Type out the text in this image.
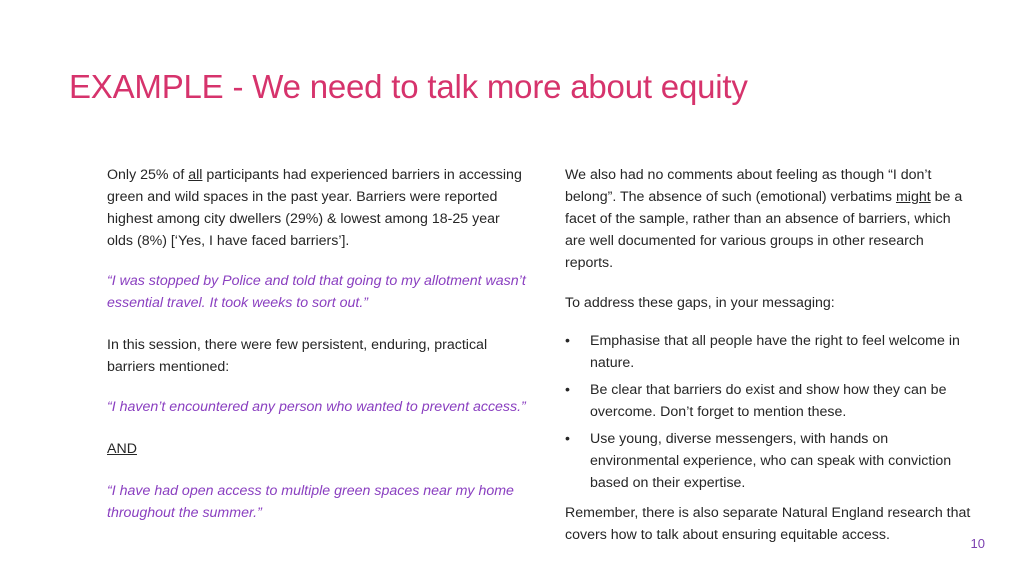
EXAMPLE - We need to talk more about equity

Only 25% of all participants had experienced barriers in accessing green and wild spaces in the past year. Barriers were reported highest among city dwellers (29%) & lowest among 18-25 year olds (8%) [‘Yes, I have faced barriers’].

“I was stopped by Police and told that going to my allotment wasn’t essential travel. It took weeks to sort out.”

In this session, there were few persistent, enduring, practical barriers mentioned:

“I haven’t encountered any person who wanted to prevent access.”

AND

“I have had open access to multiple green spaces near my home throughout the summer.”

We also had no comments about feeling as though “I don’t belong”. The absence of such (emotional) verbatims might be a facet of the sample, rather than an absence of barriers, which are well documented for various groups in other research reports.

To address these gaps, in your messaging:

• Emphasise that all people have the right to feel welcome in nature.
• Be clear that barriers do exist and show how they can be overcome. Don’t forget to mention these.
• Use young, diverse messengers, with hands on environmental experience, who can speak with conviction based on their expertise.

Remember, there is also separate Natural England research that covers how to talk about ensuring equitable access.

10
